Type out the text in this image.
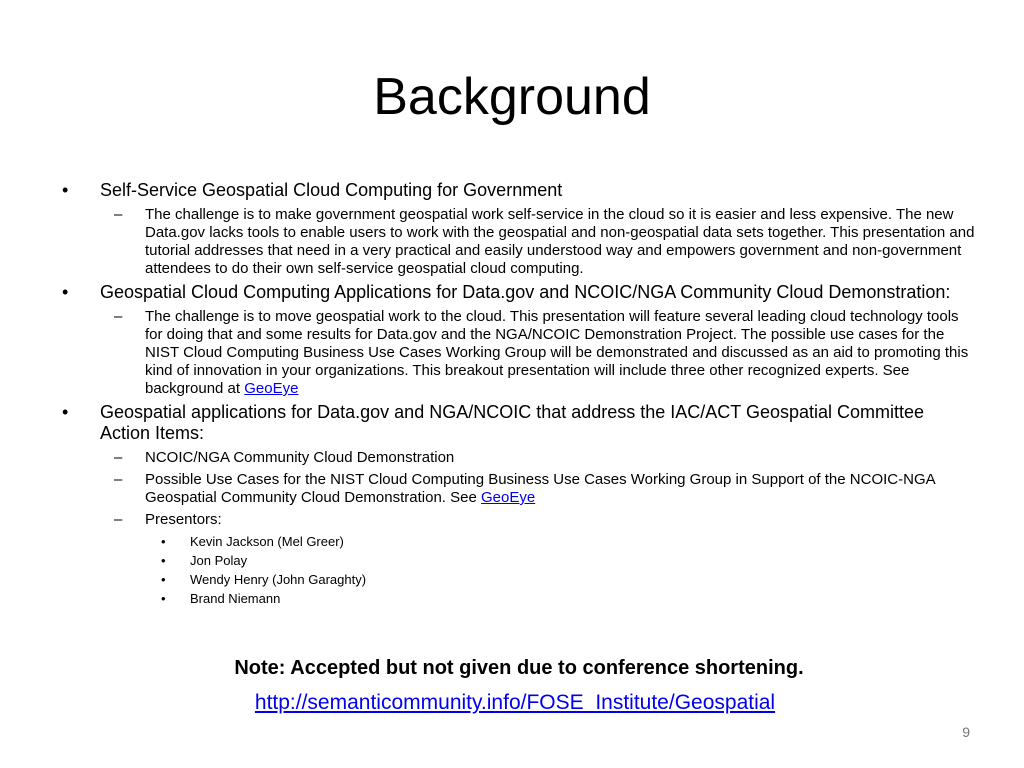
Background
• Self-Service Geospatial Cloud Computing for Government
– The challenge is to make government geospatial work self-service in the cloud so it is easier and less expensive. The new Data.gov lacks tools to enable users to work with the geospatial and non-geospatial data sets together. This presentation and tutorial addresses that need in a very practical and easily understood way and empowers government and non-government attendees to do their own self-service geospatial cloud computing.
• Geospatial Cloud Computing Applications for Data.gov and NCOIC/NGA Community Cloud Demonstration:
– The challenge is to move geospatial work to the cloud. This presentation will feature several leading cloud technology tools for doing that and some results for Data.gov and the NGA/NCOIC Demonstration Project. The possible use cases for the NIST Cloud Computing Business Use Cases Working Group will be demonstrated and discussed as an aid to promoting this kind of innovation in your organizations. This breakout presentation will include three other recognized experts. See background at GeoEye
• Geospatial applications for Data.gov and NGA/NCOIC that address the IAC/ACT Geospatial Committee Action Items:
– NCOIC/NGA Community Cloud Demonstration
– Possible Use Cases for the NIST Cloud Computing Business Use Cases Working Group in Support of the NCOIC-NGA Geospatial Community Cloud Demonstration. See GeoEye
– Presentors:
• Kevin Jackson (Mel Greer)
• Jon Polay
• Wendy Henry (John Garaghty)
• Brand Niemann
Note: Accepted but not given due to conference shortening.
http://semanticommunity.info/FOSE_Institute/Geospatial
9
